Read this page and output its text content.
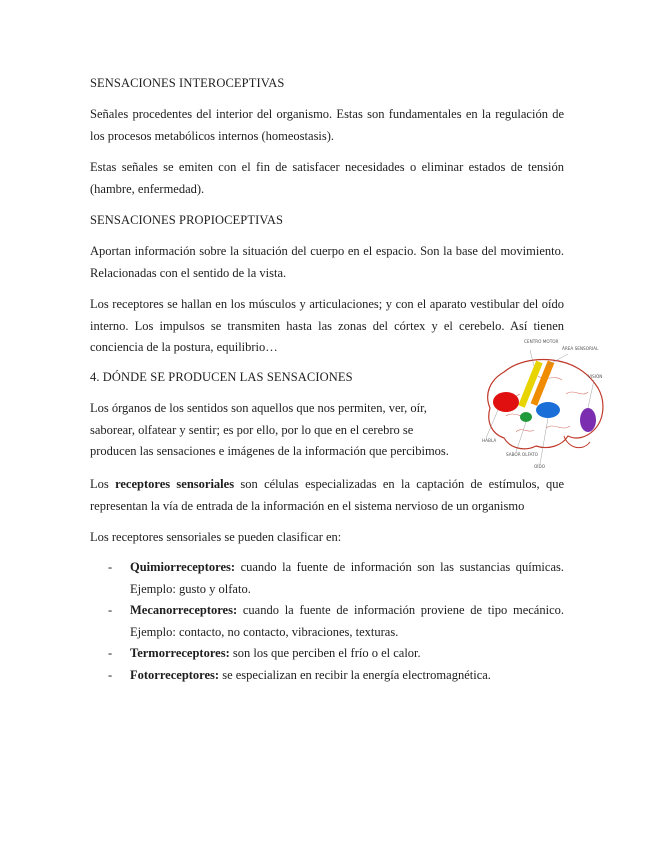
SENSACIONES INTEROCEPTIVAS
Señales procedentes del interior del organismo. Estas son fundamentales en la regulación de
los procesos metabólicos internos (homeostasis).
Estas señales se emiten con el fin de satisfacer necesidades o eliminar estados de tensión
(hambre, enfermedad).
SENSACIONES PROPIOCEPTIVAS
Aportan información sobre la situación del cuerpo en el espacio. Son la base del movimiento.
Relacionadas con el sentido de la vista.
Los receptores se hallan en los músculos y articulaciones; y con el aparato vestibular del oído
interno. Los impulsos se transmiten hasta las zonas del córtex y el cerebelo. Así tienen
conciencia de la postura, equilibrio…
4. DÓNDE SE PRODUCEN LAS SENSACIONES
Los órganos de los sentidos son aquellos que nos permiten, ver, oír,
saborear, olfatear y sentir; es por ello, por lo que en el cerebro se
producen las sensaciones e imágenes de la información que percibimos.
Los receptores sensoriales son células especializadas en la captación de estímulos, que
representan la vía de entrada de la información en el sistema nervioso de un organismo
Los receptores sensoriales se pueden clasificar en:
- Quimiorreceptores: cuando la fuente de información son las sustancias químicas.
Ejemplo: gusto y olfato.
- Mecanorreceptores: cuando la fuente de información proviene de tipo mecánico.
Ejemplo: contacto, no contacto, vibraciones, texturas.
- Termorreceptores: son los que perciben el frío o el calor.
- Fotorreceptores: se especializan en recibir la energía electromagnética.
CENTRO MOTOR
ÁREA SENSORIAL
VISIÓN
HABLA
SABOR OLFATO
OÍDO
